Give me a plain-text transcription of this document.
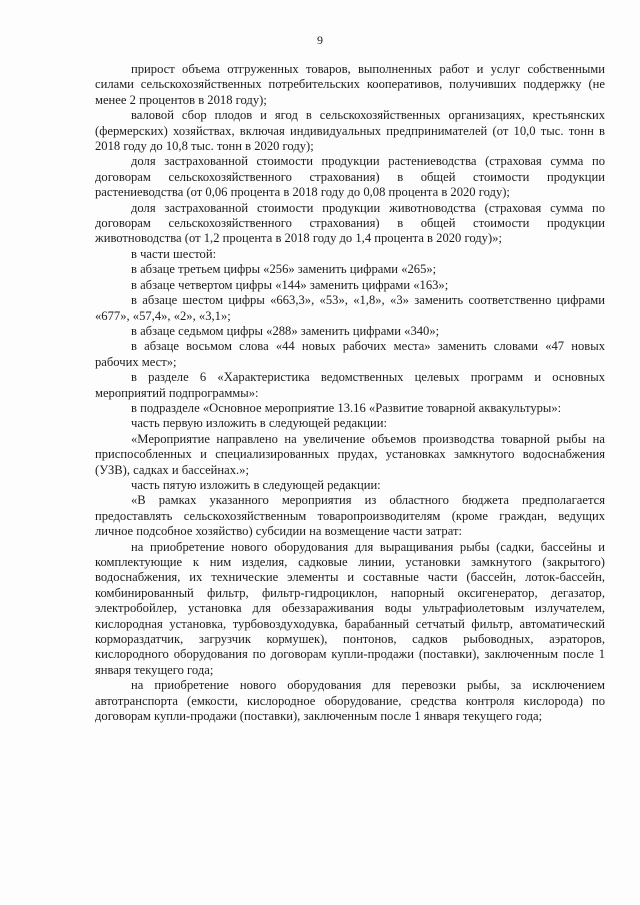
9

прирост объема отгруженных товаров, выполненных работ и услуг собственными силами сельскохозяйственных потребительских кооперативов, получивших поддержку (не менее 2 процентов в 2018 году);

валовой сбор плодов и ягод в сельскохозяйственных организациях, крестьянских (фермерских) хозяйствах, включая индивидуальных предпринимателей (от 10,0 тыс. тонн в 2018 году до 10,8 тыс. тонн в 2020 году);

доля застрахованной стоимости продукции растениеводства (страховая сумма по договорам сельскохозяйственного страхования) в общей стоимости продукции растениеводства (от 0,06 процента в 2018 году до 0,08 процента в 2020 году);

доля застрахованной стоимости продукции животноводства (страховая сумма по договорам сельскохозяйственного страхования) в общей стоимости продукции животноводства (от 1,2 процента в 2018 году до 1,4 процента в 2020 году)»;

в части шестой:

в абзаце третьем цифры «256» заменить цифрами «265»;

в абзаце четвертом цифры «144» заменить цифрами «163»;

в абзаце шестом цифры «663,3», «53», «1,8», «3» заменить соответственно цифрами «677», «57,4», «2», «3,1»;

в абзаце седьмом цифры «288» заменить цифрами «340»;

в абзаце восьмом слова «44 новых рабочих места» заменить словами «47 новых рабочих мест»;

в разделе 6 «Характеристика ведомственных целевых программ и основных мероприятий подпрограммы»:

в подразделе «Основное мероприятие 13.16 «Развитие товарной аквакультуры»:

часть первую изложить в следующей редакции:

«Мероприятие направлено на увеличение объемов производства товарной рыбы на приспособленных и специализированных прудах, установках замкнутого водоснабжения (УЗВ), садках и бассейнах.»;

часть пятую изложить в следующей редакции:

«В рамках указанного мероприятия из областного бюджета предполагается предоставлять сельскохозяйственным товаропроизводителям (кроме граждан, ведущих личное подсобное хозяйство) субсидии на возмещение части затрат:

на приобретение нового оборудования для выращивания рыбы (садки, бассейны и комплектующие к ним изделия, садковые линии, установки замкнутого (закрытого) водоснабжения, их технические элементы и составные части (бассейн, лоток-бассейн, комбинированный фильтр, фильтр-гидроциклон, напорный оксигенератор, дегазатор, электробойлер, установка для обеззараживания воды ультрафиолетовым излучателем, кислородная установка, турбовоздуходувка, барабанный сетчатый фильтр, автоматический кормораздатчик, загрузчик кормушек), понтонов, садков рыбоводных, аэраторов, кислородного оборудования по договорам купли-продажи (поставки), заключенным после 1 января текущего года;

на приобретение нового оборудования для перевозки рыбы, за исключением автотранспорта (емкости, кислородное оборудование, средства контроля кислорода) по договорам купли-продажи (поставки), заключенным после 1 января текущего года;
